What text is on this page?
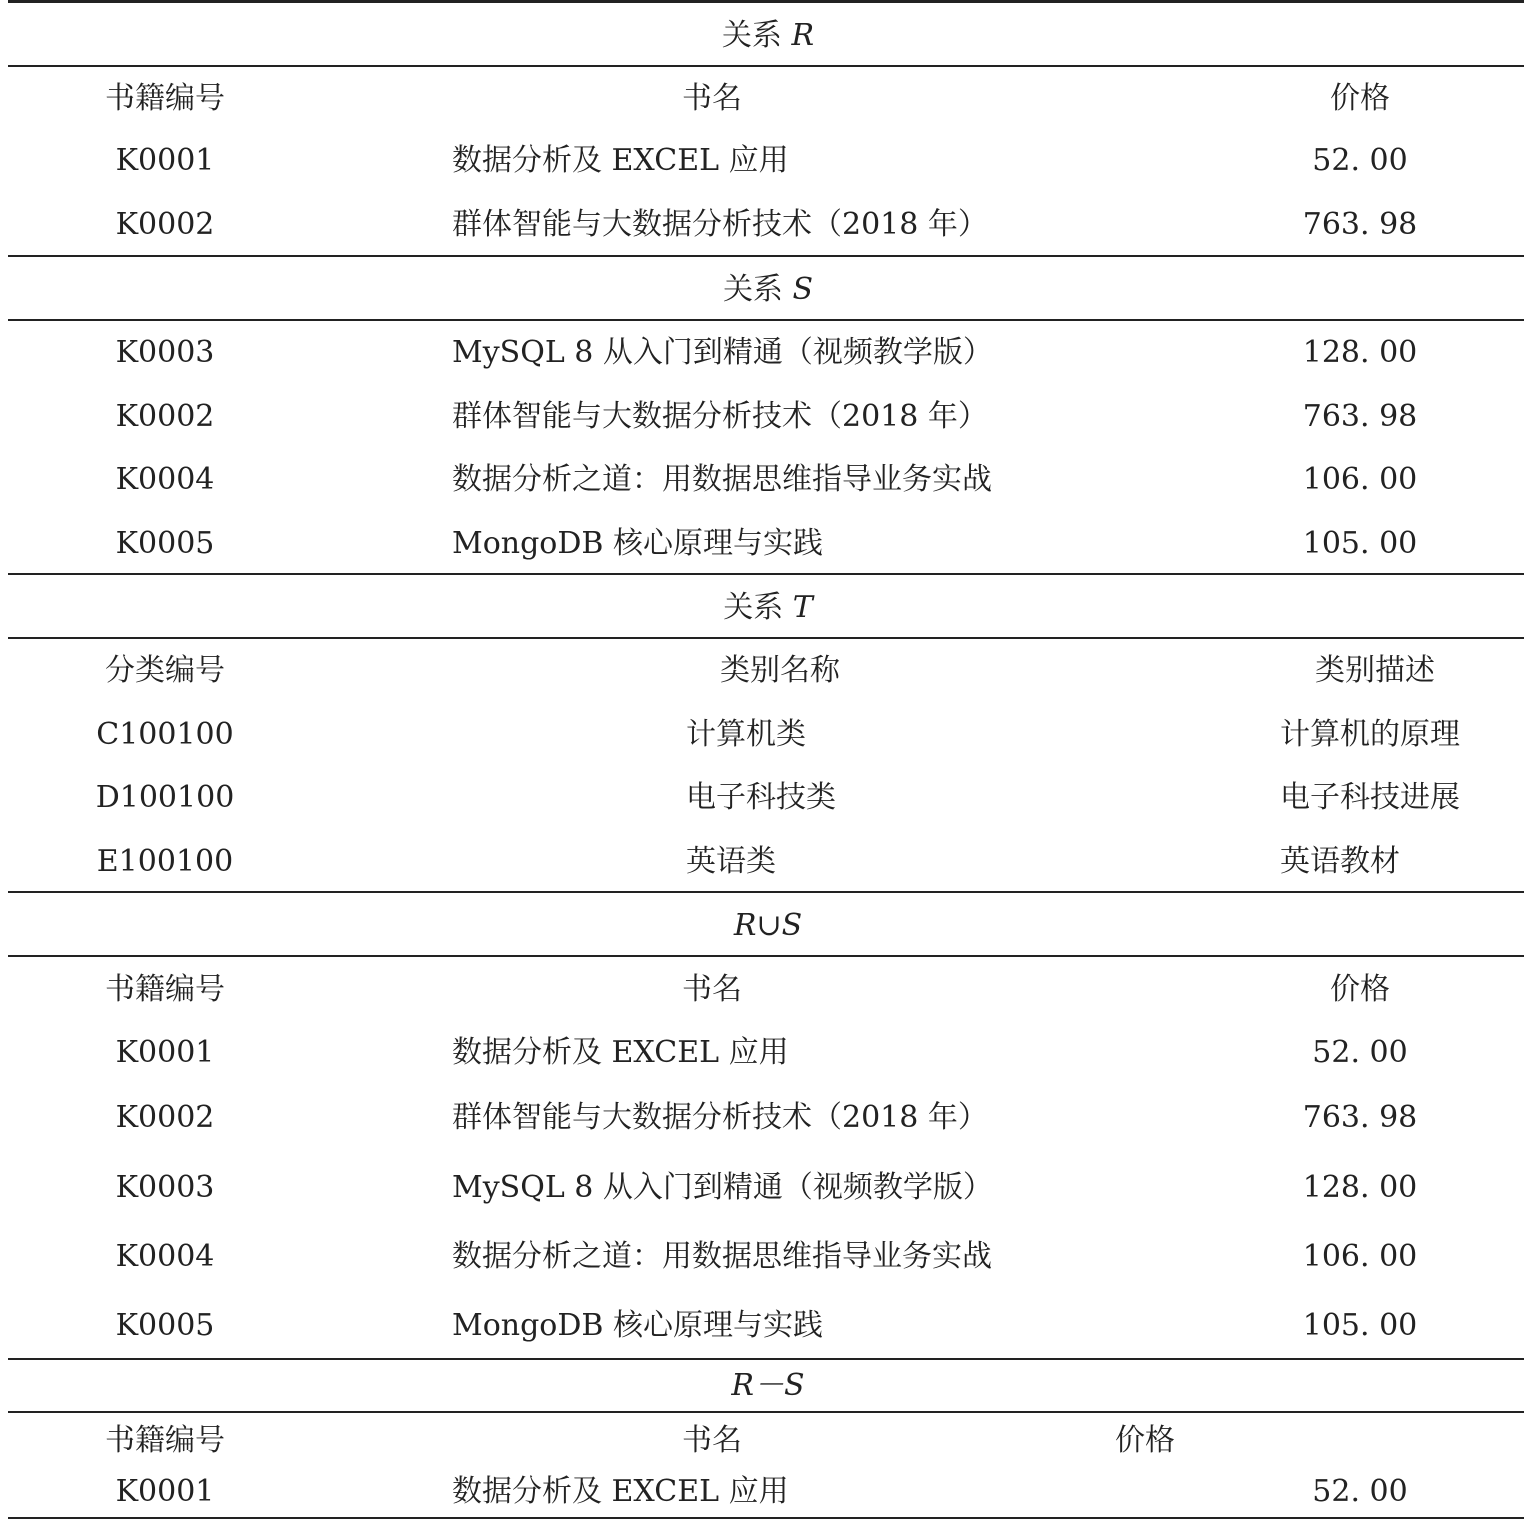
关系 R
书籍编号	书名	价格
K0001	数据分析及 EXCEL 应用	52. 00
K0002	群体智能与大数据分析技术（2018 年）	763. 98
关系 S
K0003	MySQL 8 从入门到精通（视频教学版）	128. 00
K0002	群体智能与大数据分析技术（2018 年）	763. 98
K0004	数据分析之道：用数据思维指导业务实战	106. 00
K0005	MongoDB 核心原理与实践	105. 00
关系 T
分类编号	类别名称	类别描述
C100100	计算机类	计算机的原理
D100100	电子科技类	电子科技进展
E100100	英语类	英语教材
R∪S
书籍编号	书名	价格
K0001	数据分析及 EXCEL 应用	52. 00
K0002	群体智能与大数据分析技术（2018 年）	763. 98
K0003	MySQL 8 从入门到精通（视频教学版）	128. 00
K0004	数据分析之道：用数据思维指导业务实战	106. 00
K0005	MongoDB 核心原理与实践	105. 00
R－S
书籍编号	书名	价格
K0001	数据分析及 EXCEL 应用	52. 00
